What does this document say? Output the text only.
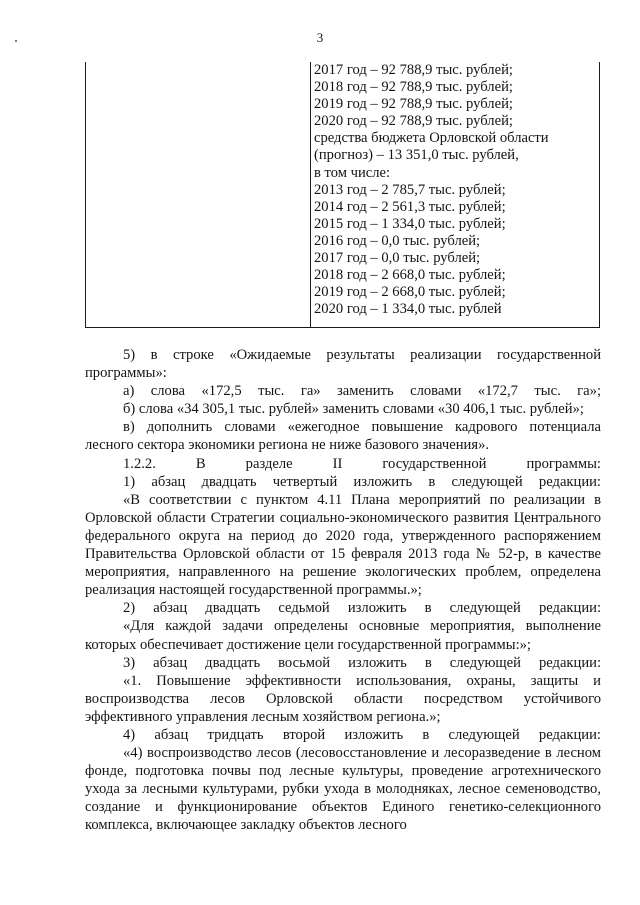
3
2017 год – 92 788,9 тыс. рублей;
2018 год – 92 788,9 тыс. рублей;
2019 год – 92 788,9 тыс. рублей;
2020 год – 92 788,9 тыс. рублей;
средства бюджета Орловской области
(прогноз) – 13 351,0 тыс. рублей,
в том числе:
2013 год – 2 785,7 тыс. рублей;
2014 год – 2 561,3 тыс. рублей;
2015 год – 1 334,0 тыс. рублей;
2016 год – 0,0 тыс. рублей;
2017 год – 0,0 тыс. рублей;
2018 год – 2 668,0 тыс. рублей;
2019 год – 2 668,0 тыс. рублей;
2020 год – 1 334,0 тыс. рублей

5) в строке «Ожидаемые результаты реализации государственной программы»:

а) слова «172,5 тыс. га» заменить словами «172,7 тыс. га»;

б) слова «34 305,1 тыс. рублей» заменить словами «30 406,1 тыс. рублей»;

в) дополнить словами «ежегодное повышение кадрового потенциала лесного сектора экономики региона не ниже базового значения».

1.2.2. В разделе II государственной программы:

1) абзац двадцать четвертый изложить в следующей редакции:

«В соответствии с пунктом 4.11 Плана мероприятий по реализации в Орловской области Стратегии социально-экономического развития Центрального федерального округа на период до 2020 года, утвержденного распоряжением Правительства Орловской области от 15 февраля 2013 года № 52-р, в качестве мероприятия, направленного на решение экологических проблем, определена реализация настоящей государственной программы.»;

2) абзац двадцать седьмой изложить в следующей редакции:

«Для каждой задачи определены основные мероприятия, выполнение которых обеспечивает достижение цели государственной программы:»;

3) абзац двадцать восьмой изложить в следующей редакции:

«1. Повышение эффективности использования, охраны, защиты и воспроизводства лесов Орловской области посредством устойчивого эффективного управления лесным хозяйством региона.»;

4) абзац тридцать второй изложить в следующей редакции:

«4) воспроизводство лесов (лесовосстановление и лесоразведение в лесном фонде, подготовка почвы под лесные культуры, проведение агротехнического ухода за лесными культурами, рубки ухода в молодняках, лесное семеноводство, создание и функционирование объектов Единого генетико-селекционного комплекса, включающее закладку объектов лесного
